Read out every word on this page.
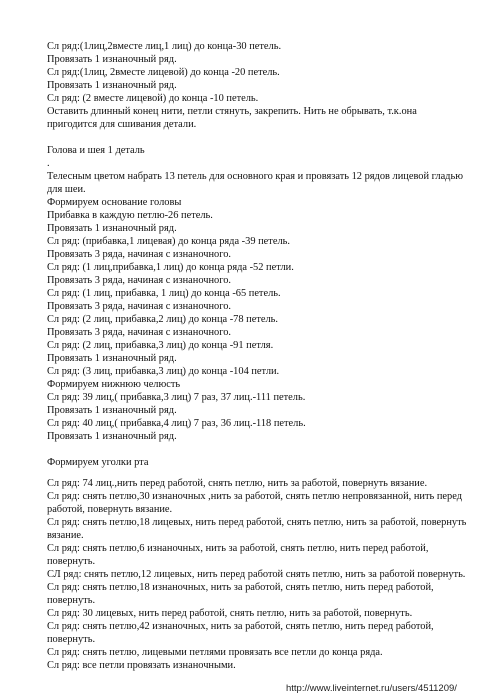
Сл ряд:(1лиц,2вместе лиц,1 лиц) до конца-30 петель.
Провязать 1 изнаночный ряд.
Сл ряд:(1лиц, 2вместе лицевой) до конца -20 петель.
Провязать 1 изнаночный ряд.
Сл ряд: (2 вместе лицевой) до конца -10 петель.
Оставить длинный конец нити, петли стянуть, закрепить. Нить не обрывать, т.к.она пригодится для сшивания детали.
Голова и шея 1 деталь
.
Телесным цветом набрать 13 петель для основного края и провязать 12 рядов лицевой гладью для шеи.
Формируем основание головы
Прибавка в каждую петлю-26 петель.
Провязать 1 изнаночный ряд.
Сл ряд: (прибавка,1 лицевая) до конца ряда -39 петель.
Провязать 3 ряда, начиная с изнаночного.
Сл ряд: (1 лиц,прибавка,1 лиц) до конца ряда -52 петли.
Провязать 3 ряда, начиная с изнаночного.
Сл ряд: (1 лиц, прибавка, 1 лиц) до конца -65 петель.
Провязать 3 ряда, начиная с изнаночного.
Сл ряд: (2 лиц, прибавка,2 лиц) до конца -78 петель.
Провязать 3 ряда, начиная с изнаночного.
Сл ряд: (2 лиц, прибавка,3 лиц) до конца -91 петля.
Провязать 1 изнаночный ряд.
Сл ряд: (3 лиц, прибавка,3 лиц) до конца -104 петли.
Формируем нижнюю челюсть
Сл ряд: 39 лиц,( прибавка,3 лиц) 7 раз, 37 лиц.-111 петель.
Провязать 1 изнаночный ряд.
Сл ряд: 40 лиц,( прибавка,4 лиц) 7 раз, 36 лиц.-118 петель.
Провязать 1 изнаночный ряд.
Формируем уголки рта
Сл ряд: 74 лиц.,нить перед работой, снять петлю, нить за работой, повернуть вязание.
Сл ряд: снять петлю,30 изнаночных ,нить за работой, снять петлю непровязанной, нить перед работой, повернуть вязание.
Сл ряд: снять петлю,18 лицевых, нить перед работой, снять петлю, нить за работой, повернуть вязание.
Сл ряд: снять петлю,6 изнаночных, нить за работой, снять петлю, нить перед работой, повернуть.
СЛ ряд: снять петлю,12 лицевых, нить перед работой снять петлю, нить за работой повернуть.
Сл ряд: снять петлю,18 изнаночных, нить за работой, снять петлю, нить перед работой, повернуть.
Сл ряд: 30 лицевых, нить перед работой, снять петлю, нить за работой, повернуть.
Сл ряд: снять петлю,42 изнаночных, нить за работой, снять петлю, нить перед работой, повернуть.
Сл ряд: снять петлю, лицевыми петлями провязать все петли до конца ряда.
Сл ряд: все петли провязать изнаночными.
http://www.liveinternet.ru/users/4511209/
